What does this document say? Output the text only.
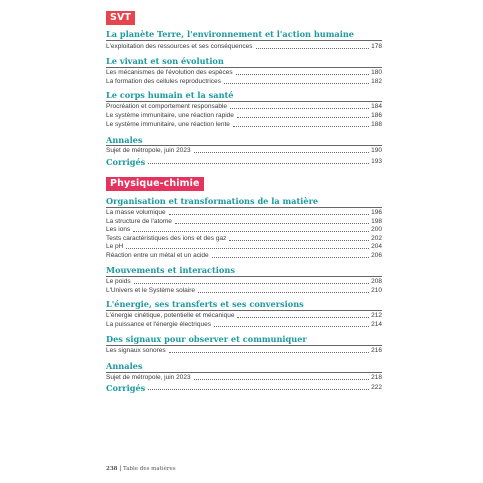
SVT
La planète Terre, l'environnement et l'action humaine
L'exploitation des ressources et ses conséquences	178
Le vivant et son évolution
Les mécanismes de l'évolution des espèces	180
La formation des cellules reproductrices	182
Le corps humain et la santé
Procréation et comportement responsable	184
Le système immunitaire, une réaction rapide	186
Le système immunitaire, une réaction lente	188
Annales
Sujet de métropole, juin 2023	190
Corrigés	193
Physique-chimie
Organisation et transformations de la matière
La masse volumique	196
La structure de l'atome	198
Les ions	200
Tests caractéristiques des ions et des gaz	202
Le pH	204
Réaction entre un métal et un acide	206
Mouvements et interactions
Le poids	208
L'Univers et le Système solaire	210
L'énergie, ses transferts et ses conversions
L'énergie cinétique, potentielle et mécanique	212
La puissance et l'énergie électriques	214
Des signaux pour observer et communiquer
Les signaux sonores	216
Annales
Sujet de métropole, juin 2023	218
Corrigés	222
238 | Table des matières
